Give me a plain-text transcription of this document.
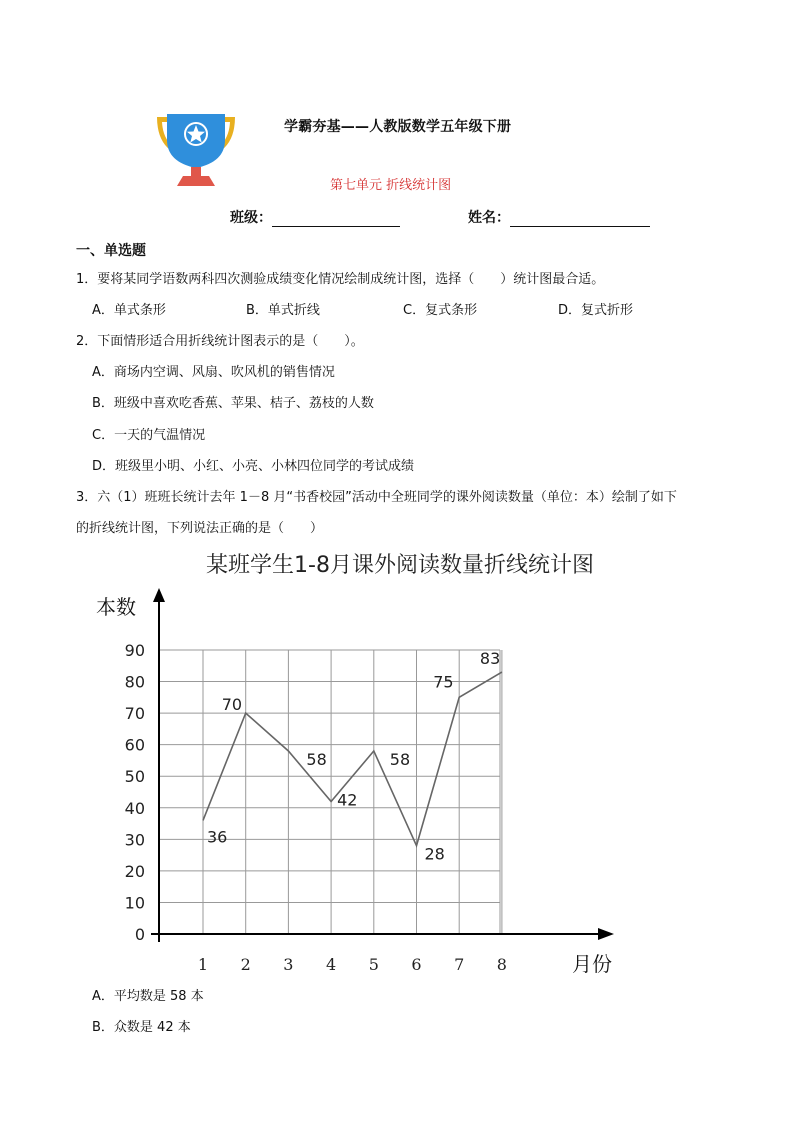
学霸夯基——人教版数学五年级下册
第七单元 折线统计图
班级：	姓名：
一、单选题
1．要将某同学语数两科四次测验成绩变化情况绘制成统计图，选择（　　）统计图最合适。
A．单式条形	B．单式折线	C．复式条形	D．复式折形
2．下面情形适合用折线统计图表示的是（　　）。
A．商场内空调、风扇、吹风机的销售情况
B．班级中喜欢吃香蕉、苹果、桔子、荔枝的人数
C．一天的气温情况
D．班级里小明、小红、小亮、小林四位同学的考试成绩
3．六（1）班班长统计去年 1－8 月“书香校园”活动中全班同学的课外阅读数量（单位：本）绘制了如下
的折线统计图，下列说法正确的是（　　）
0
10
20
30
40
50
60
70
80
90
1 2 3 4 5 6 7 8
36
70
58
42
58
28
75
83
某班学生1-8月课外阅读数量折线统计图
本数
月份
A．平均数是 58 本
B．众数是 42 本
